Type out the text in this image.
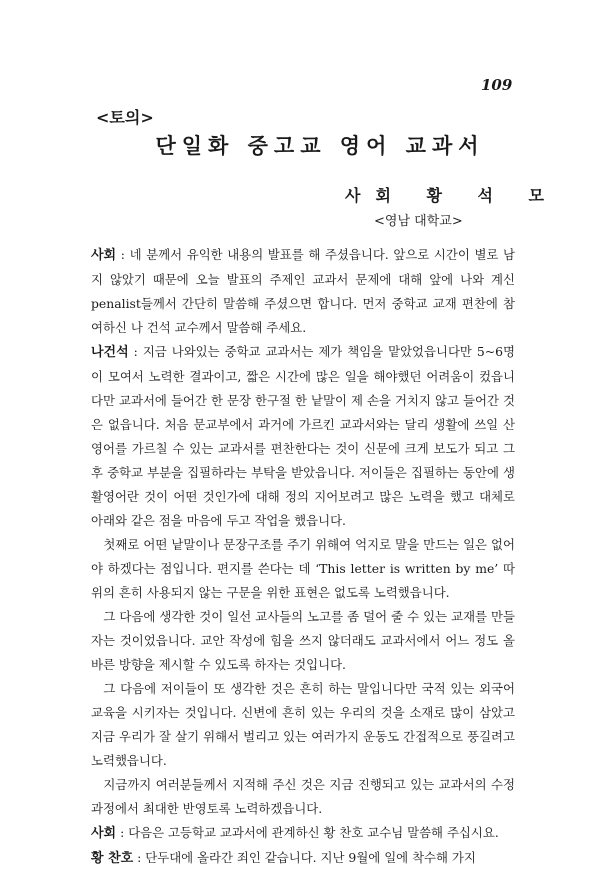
109
<토의>
단일화 중고교 영어 교과서
사회 황 석 모
<영남 대학교>

사회 : 네 분께서 유익한 내용의 발표를 해 주셨읍니다. 앞으로 시간이 별로 남지 않았기 때문에 오늘 발표의 주제인 교과서 문제에 대해 앞에 나와 계신 penalist들께서 간단히 말씀해 주셨으면 합니다. 먼저 중학교 교재 편찬에 참여하신 나 건석 교수께서 말씀해 주세요.

나건석 : 지금 나와있는 중학교 교과서는 제가 책임을 맡았었읍니다만 5~6명이 모여서 노력한 결과이고, 짧은 시간에 많은 일을 해야했던 어려움이 컸읍니다만 교과서에 들어간 한 문장 한구절 한 낱말이 제 손을 거치지 않고 들어간 것은 없읍니다. 처음 문교부에서 과거에 가르킨 교과서와는 달리 생활에 쓰일 산 영어를 가르칠 수 있는 교과서를 편찬한다는 것이 신문에 크게 보도가 되고 그후 중학교 부분을 집필하라는 부탁을 받았읍니다. 저이들은 집필하는 동안에 생활영어란 것이 어떤 것인가에 대해 정의 지어보려고 많은 노력을 했고 대체로 아래와 같은 점을 마음에 두고 작업을 했읍니다.

첫째로 어떤 낱말이나 문장구조를 주기 위해여 억지로 말을 만드는 일은 없어야 하겠다는 점입니다. 편지를 쓴다는 데 ‘This letter is written by me’ 따위의 흔히 사용되지 않는 구문을 위한 표현은 없도록 노력했읍니다.

그 다음에 생각한 것이 일선 교사들의 노고를 좀 덜어 줄 수 있는 교재를 만들자는 것이었읍니다. 교안 작성에 힘을 쓰지 않더래도 교과서에서 어느 정도 올바른 방향을 제시할 수 있도록 하자는 것입니다.

그 다음에 저이들이 또 생각한 것은 흔히 하는 말입니다만 국적 있는 외국어 교육을 시키자는 것입니다. 신변에 흔히 있는 우리의 것을 소재로 많이 삼았고 지금 우리가 잘 살기 위해서 벌리고 있는 여러가지 운동도 간접적으로 풍길려고 노력했읍니다.

지금까지 여러분들께서 지적해 주신 것은 지금 진행되고 있는 교과서의 수정 과정에서 최대한 반영토록 노력하겠읍니다.

사회 : 다음은 고등학교 교과서에 관계하신 황 찬호 교수님 말씀해 주십시요.

황 찬호 : 단두대에 올라간 죄인 같습니다. 지난 9월에 일에 착수해 가지
